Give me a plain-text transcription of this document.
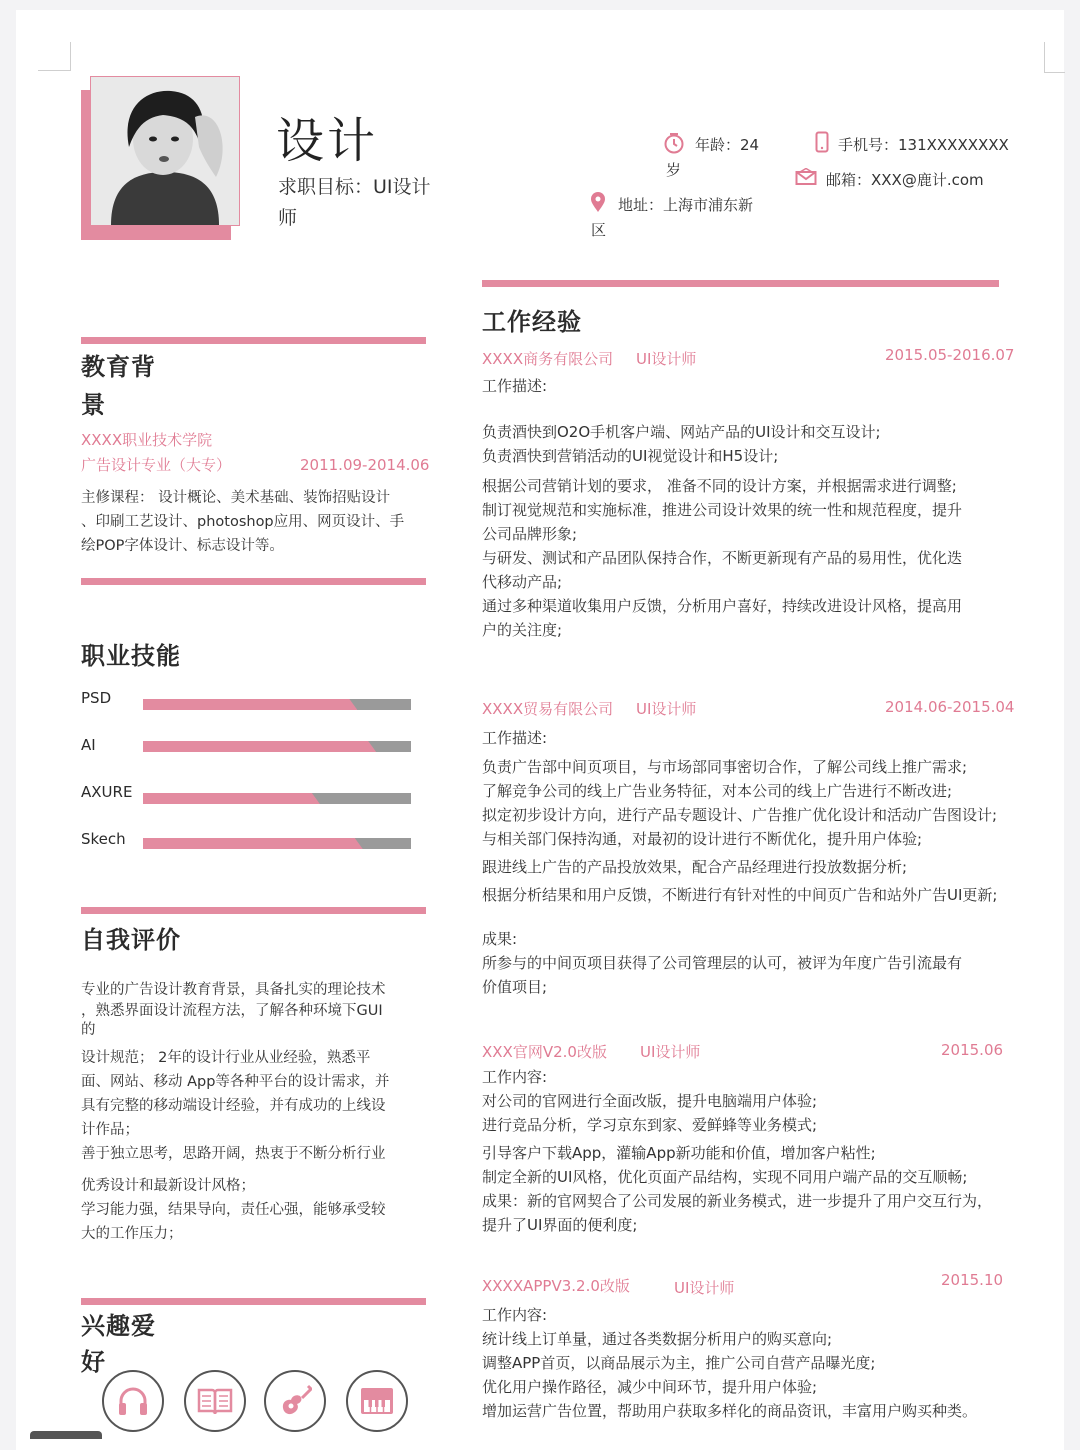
设计
求职目标：UI设计
师
年龄：24
岁
手机号：131XXXXXXXX
邮箱：XXX@鹿计.com
地址：上海市浦东新
区
教育背
景
XXXX职业技术学院
广告设计专业（大专）	2011.09-2014.06
主修课程： 设计概论、美术基础、装饰招贴设计
、印刷工艺设计、photoshop应用、网页设计、手
绘POP字体设计、标志设计等。
职业技能
PSD
AI
AXURE
Skech
自我评价
专业的广告设计教育背景，具备扎实的理论技术
，熟悉界面设计流程方法，了解各种环境下GUI
的
设计规范； 2年的设计行业从业经验，熟悉平
面、网站、移动 App等各种平台的设计需求，并
具有完整的移动端设计经验，并有成功的上线设
计作品；
善于独立思考，思路开阔，热衷于不断分析行业
优秀设计和最新设计风格；
学习能力强，结果导向，责任心强，能够承受较
大的工作压力；
兴趣爱
好
工作经验
XXXX商务有限公司 UI设计师	2015.05-2016.07
工作描述:
负责酒快到O2O手机客户端、网站产品的UI设计和交互设计;
负责酒快到营销活动的UI视觉设计和H5设计;
根据公司营销计划的要求， 准备不同的设计方案，并根据需求进行调整;
制订视觉规范和实施标准，推进公司设计效果的统一性和规范程度，提升
公司品牌形象;
与研发、测试和产品团队保持合作，不断更新现有产品的易用性，优化迭
代移动产品;
通过多种渠道收集用户反馈，分析用户喜好，持续改进设计风格，提高用
户的关注度;
XXXX贸易有限公司 UI设计师	2014.06-2015.04
工作描述:
负责广告部中间页项目，与市场部同事密切合作，了解公司线上推广需求;
了解竞争公司的线上广告业务特征，对本公司的线上广告进行不断改进;
拟定初步设计方向，进行产品专题设计、广告推广优化设计和活动广告图设计;
与相关部门保持沟通，对最初的设计进行不断优化，提升用户体验;
跟进线上广告的产品投放效果，配合产品经理进行投放数据分析;
根据分析结果和用户反馈，不断进行有针对性的中间页广告和站外广告UI更新;
成果:
所参与的中间页项目获得了公司管理层的认可，被评为年度广告引流最有
价值项目;
XXX官网V2.0改版 UI设计师	2015.06
工作内容:
对公司的官网进行全面改版，提升电脑端用户体验;
进行竞品分析，学习京东到家、爱鲜蜂等业务模式;
引导客户下载App，灌输App新功能和价值，增加客户粘性;
制定全新的UI风格，优化页面产品结构，实现不同用户端产品的交互顺畅;
成果：新的官网契合了公司发展的新业务模式，进一步提升了用户交互行为，
提升了UI界面的便利度;
XXXXAPPV3.2.0改版	UI设计师	2015.10
工作内容:
统计线上订单量，通过各类数据分析用户的购买意向;
调整APP首页，以商品展示为主，推广公司自营产品曝光度;
优化用户操作路径，减少中间环节，提升用户体验;
增加运营广告位置，帮助用户获取多样化的商品资讯，丰富用户购买种类。
